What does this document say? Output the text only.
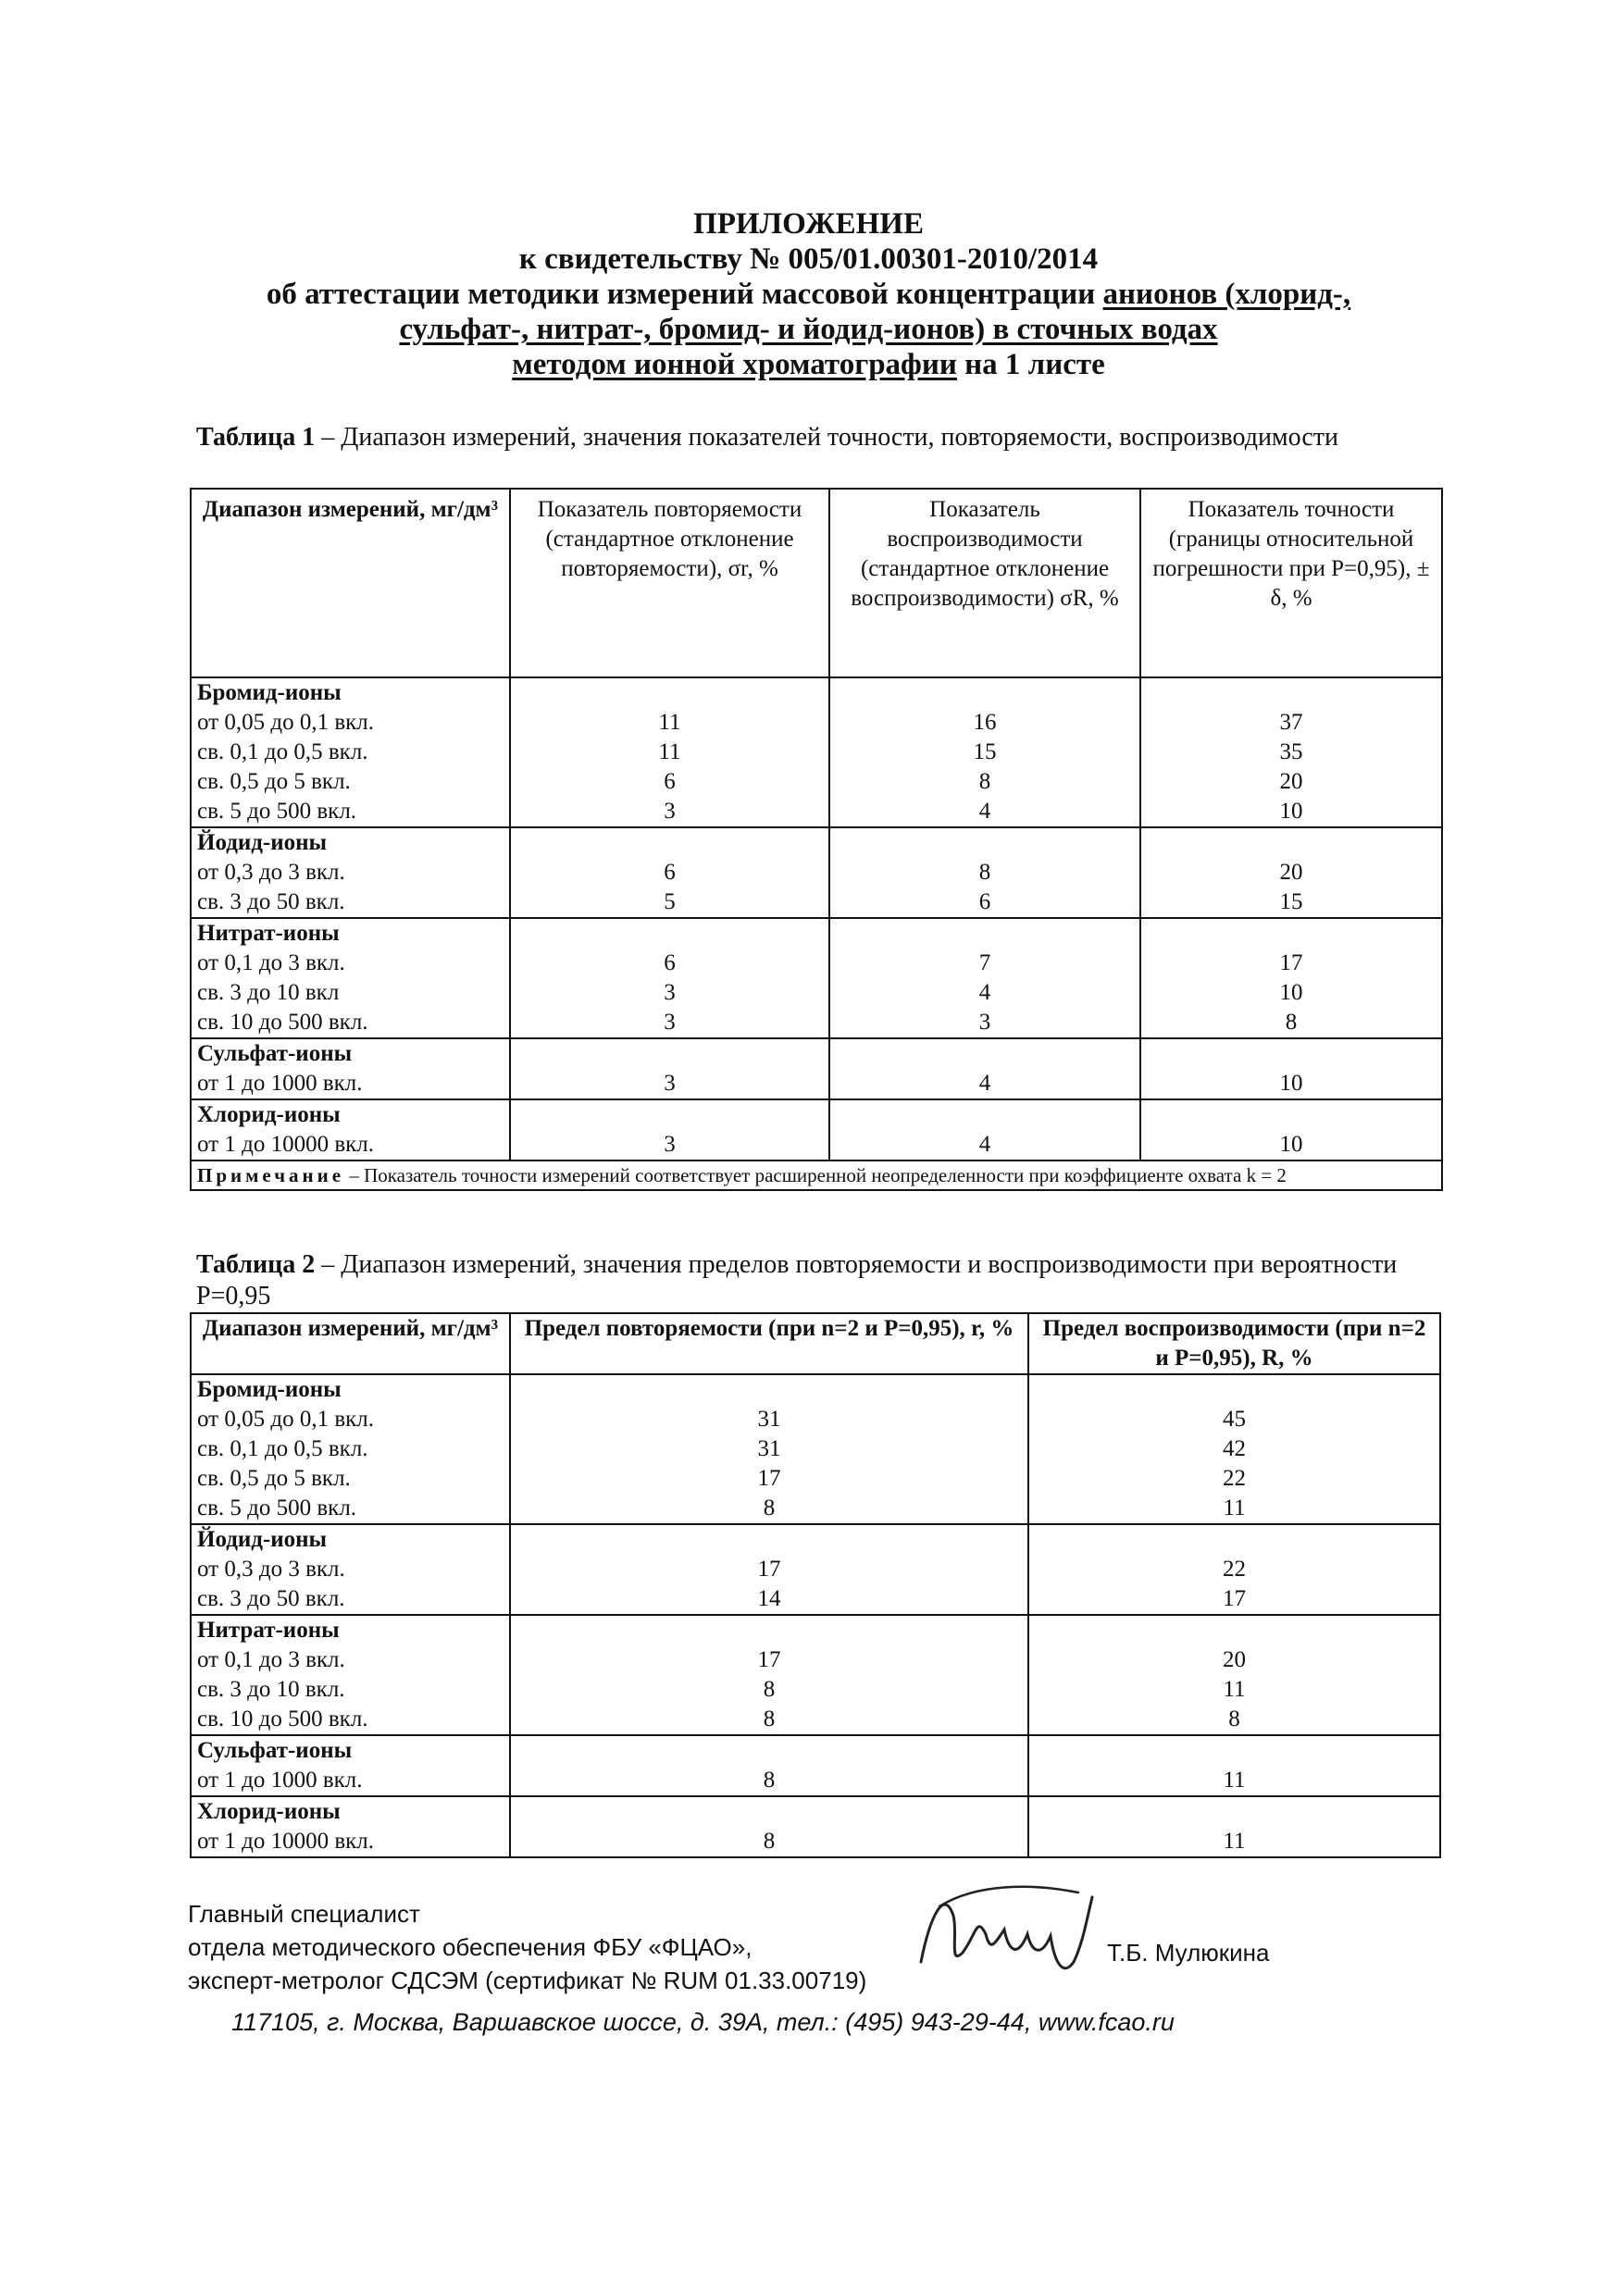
ПРИЛОЖЕНИЕ
к свидетельству № 005/01.00301-2010/2014
об аттестации методики измерений массовой концентрации анионов (хлорид-,
сульфат-, нитрат-, бромид- и йодид-ионов) в сточных водах
методом ионной хроматографии на 1 листе
Таблица 1 – Диапазон измерений, значения показателей точности, повторяемости, воспроизводимости
Диапазон измерений, мг/дм³	Показатель повторяемости (стандартное отклонение повторяемости), σr, %	Показатель воспроизводимости (стандартное отклонение воспроизводимости) σR, %	Показатель точности (границы относительной погрешности при P=0,95), ± δ, %
Бромид-ионы			
от 0,05 до 0,1 вкл.	11	16	37
св. 0,1 до 0,5 вкл.	11	15	35
св. 0,5 до 5 вкл.	6	8	20
св. 5 до 500 вкл.	3	4	10
Йодид-ионы			
от 0,3 до 3 вкл.	6	8	20
св. 3 до 50 вкл.	5	6	15
Нитрат-ионы			
от 0,1 до 3 вкл.	6	7	17
св. 3 до 10 вкл	3	4	10
св. 10 до 500 вкл.	3	3	8
Сульфат-ионы			
от 1 до 1000 вкл.	3	4	10
Хлорид-ионы			
от 1 до 10000 вкл.	3	4	10
Примечание – Показатель точности измерений соответствует расширенной неопределенности при коэффициенте охвата k = 2			
Таблица 2 – Диапазон измерений, значения пределов повторяемости и воспроизводимости при вероятности P=0,95
Диапазон измерений, мг/дм³	Предел повторяемости (при n=2 и P=0,95), r, %	Предел воспроизводимости (при n=2 и P=0,95), R, %
Бромид-ионы		
от 0,05 до 0,1 вкл.	31	45
св. 0,1 до 0,5 вкл.	31	42
св. 0,5 до 5 вкл.	17	22
св. 5 до 500 вкл.	8	11
Йодид-ионы		
от 0,3 до 3 вкл.	17	22
св. 3 до 50 вкл.	14	17
Нитрат-ионы		
от 0,1 до 3 вкл.	17	20
св. 3 до 10 вкл.	8	11
св. 10 до 500 вкл.	8	8
Сульфат-ионы		
от 1 до 1000 вкл.	8	11
Хлорид-ионы		
от 1 до 10000 вкл.	8	11
Главный специалист
отдела методического обеспечения ФБУ «ФЦАО»,
эксперт-метролог СДСЭМ (сертификат № RUM 01.33.00719)
Т.Б. Мулюкина
117105, г. Москва, Варшавское шоссе, д. 39А, тел.: (495) 943-29-44, www.fcao.ru
